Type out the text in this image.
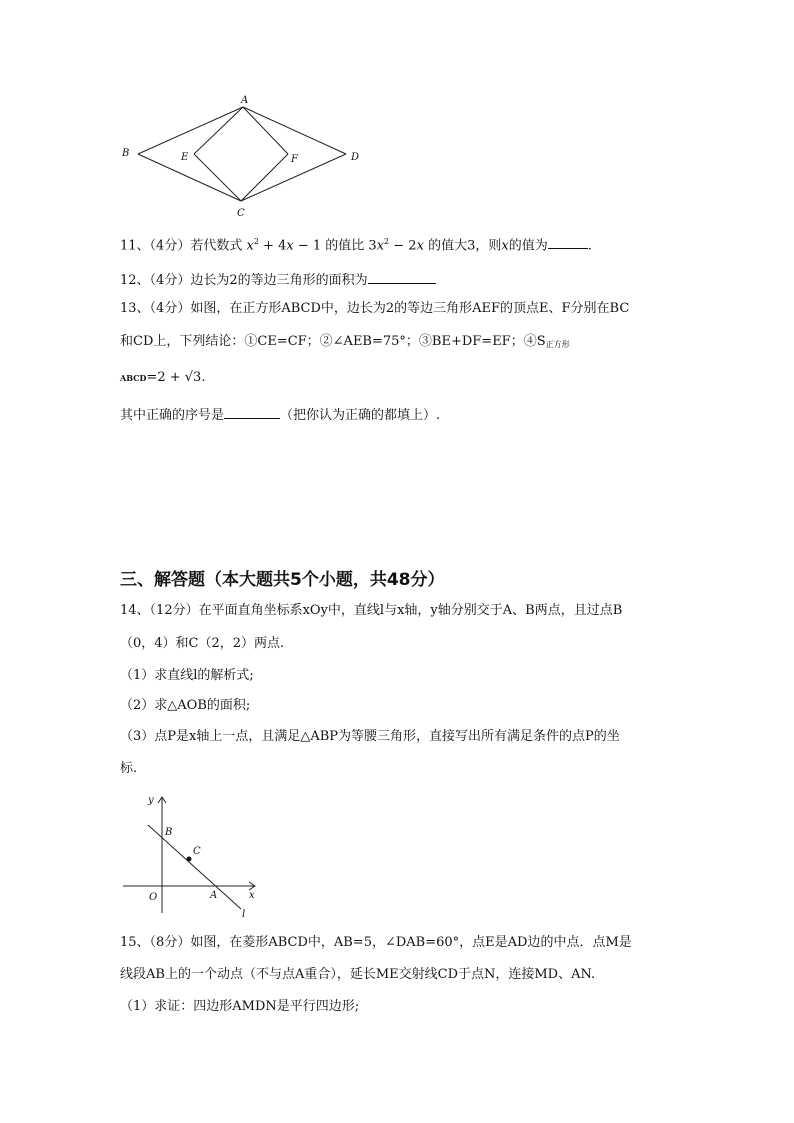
A
B	E	F	D
C
11、（4分）若代数式 $x^2 + 4x - 1$ 的值比 $3x^2 - 2x$ 的值大3，则x的值为	.
12、（4分）边长为2的等边三角形的面积为
13、（4分）如图，在正方形ABCD中，边长为2的等边三角形AEF的顶点E、F分别在BC
和CD上，下列结论：①CE=CF；②∠AEB=75°；③BE+DF=EF；$④S_{正方形}$
ABCD=2 + √3.
其中正确的序号是	（把你认为正确的都填上）.
三、解答题（本大题共5个小题，共48分）
14、（12分）在平面直角坐标系xOy中，直线l与x轴，y轴分别交于A、B两点，且过点B
（0，4）和C（2，2）两点.
（1）求直线l的解析式;
（2）求△AOB的面积;
（3）点P是x轴上一点，且满足△ABP为等腰三角形，直接写出所有满足条件的点P的坐
标.
y
x
B
C
O	A
l
15、（8分）如图，在菱形ABCD中，AB=5，∠DAB=60°，点E是AD边的中点．点M是
线段AB上的一个动点（不与点A重合），延长ME交射线CD于点N，连接MD、AN.
（1）求证：四边形AMDN是平行四边形;
